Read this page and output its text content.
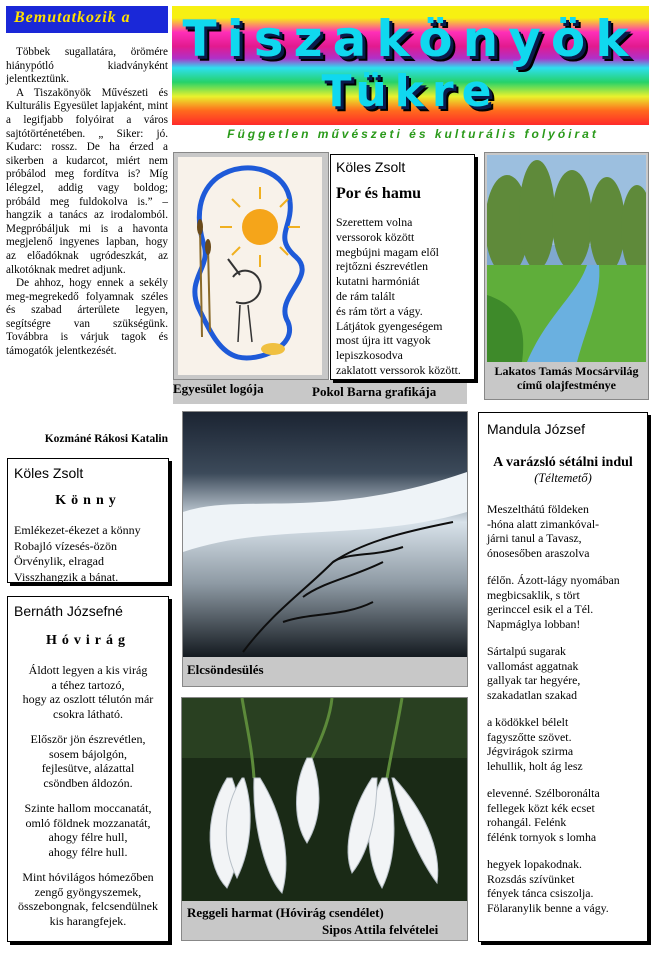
Tiszakönyök
Tükre
Független művészeti és kulturális folyóirat
Bemutatkozik a

Többek sugallatára, örömére hiánypótló kiadványként jelentkeztünk.

A Tiszakönyök Művészeti és Kulturális Egyesület lapjaként, mint a legifjabb folyóirat a város sajtótörténetében. „ Siker: jó. Kudarc: rossz. De ha érzed a sikerben a kudarcot, miért nem próbálod meg fordítva is? Míg lélegzel, addig vagy boldog; próbáld meg fuldokolva is.” – hangzik a tanács az irodalomból. Megpróbáljuk mi is a havonta megjelenő ingyenes lapban, hogy az előadóknak ugródeszkát, az alkotóknak medret adjunk.

De ahhoz, hogy ennek a sekély meg-megrekedő folyamnak széles és szabad árterülete legyen, segítségre van szükségünk. Továbbra is várjuk tagok és támogatók jelentkezését.

Kozmáné Rákosi Katalin
Köles Zsolt
Könny
Emlékezet-ékezet a könny
Robajló vízesés-özön
Örvénylik, elragad
Visszhangzik a bánat.
Bernáth Józsefné
Hóvirág
Áldott legyen a kis virág
a téhez tartozó,
hogy az oszlott télutón már
csokra látható.
Először jön észrevétlen,
sosem bájolgón,
fejlesütve, alázattal
csöndben áldozón.
Szinte hallom moccanatát,
omló földnek mozzanatát,
ahogy félre hull,
ahogy félre hull.
Mint hóvilágos hómezőben
zengő gyöngyszemek,
összebongnak, felcsendülnek
kis harangfejek.
Egyesület logója	Pokol Barna grafikája
Köles Zsolt
Por és hamu
Szerettem volna
verssorok között
megbújni magam elől
rejtőzni észrevétlen
kutatni harmóniát
de rám talált
és rám tört a vágy.
Látjátok gyengeségem
most újra itt vagyok
lepiszkosodva
zaklatott verssorok között.	Lakatos Tamás Mocsárvilág című olajfestménye
Elcsöndesülés
Reggeli harmat (Hóvirág csendélet)
Sipos Attila felvételei
Mandula József
A varázsló sétálni indul
(Téltemető)
Meszelthátú földeken
-hóna alatt zimankóval-
járni tanul a Tavasz,
ónosesőben araszolva
félőn. Ázott-lágy nyomában
megbicsaklik, s tört
gerinccel esik el a Tél.
Napmáglya lobban!
Sártalpú sugarak
vallomást aggatnak
gallyak tar hegyére,
szakadatlan szakad
a ködökkel bélelt
fagyszőtte szövet.
Jégvirágok szirma
lehullik, holt ág lesz
elevenné. Szélboronálta
fellegek közt kék ecset
rohangál. Felénk
félénk tornyok s lomha
hegyek lopakodnak.
Rozsdás szívünket
fények tánca csiszolja.
Fölaranylik benne a vágy.
